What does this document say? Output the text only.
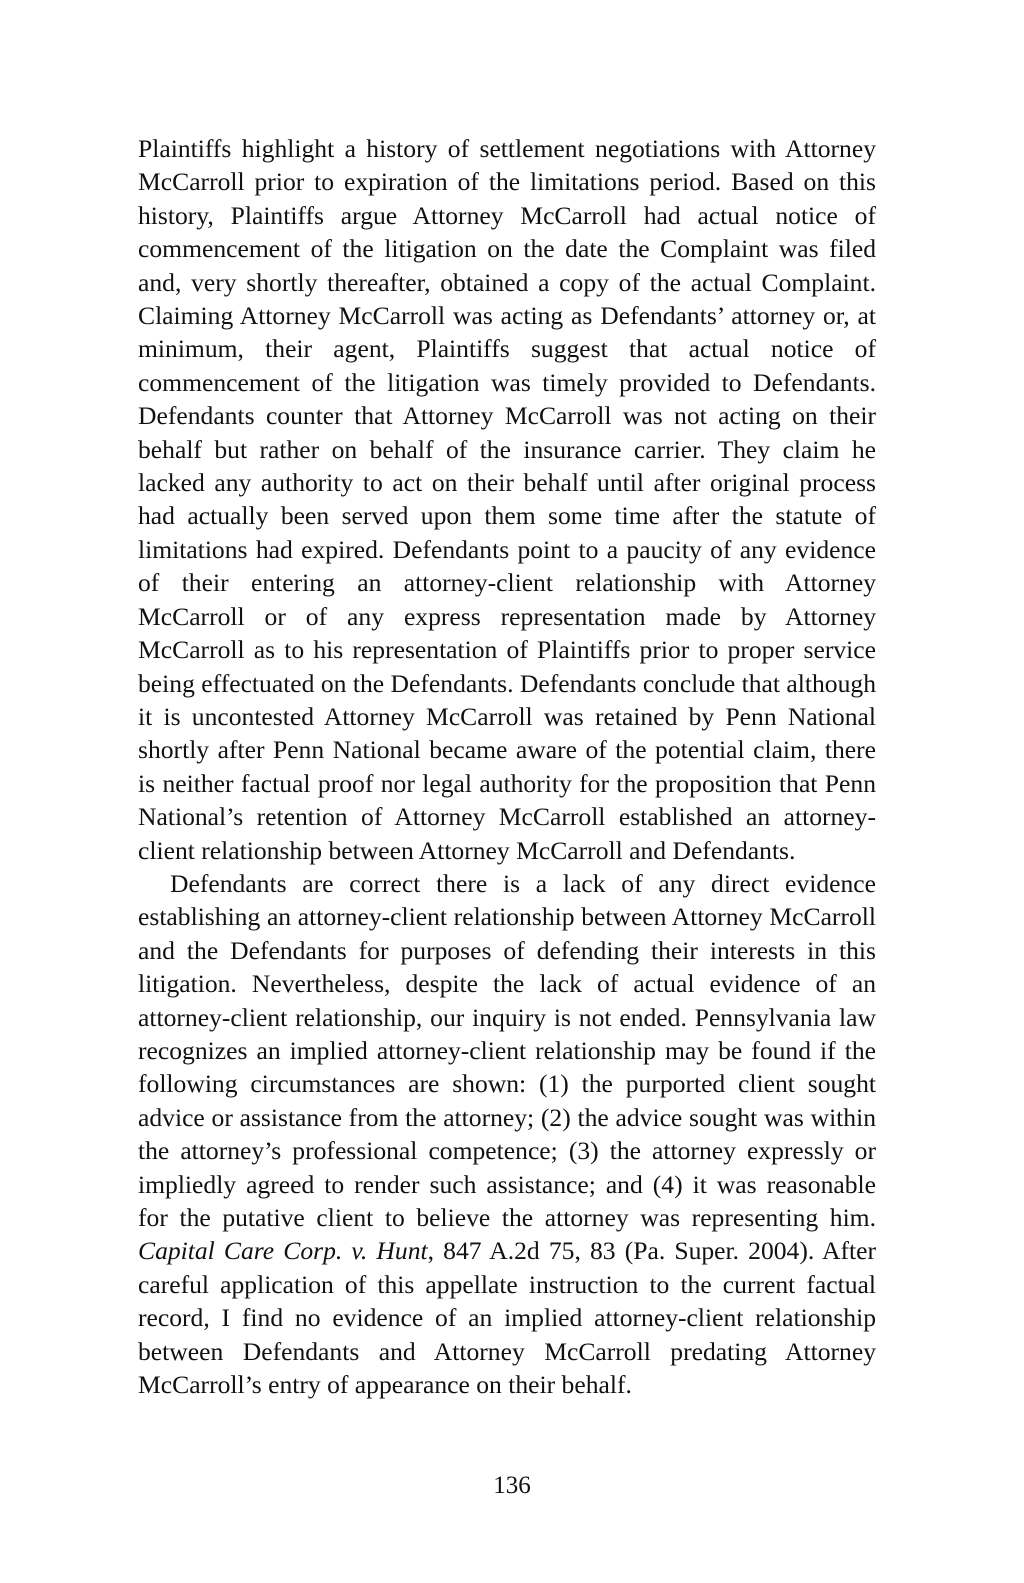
Plaintiffs highlight a history of settlement negotiations with Attorney McCarroll prior to expiration of the limitations period. Based on this history, Plaintiffs argue Attorney McCarroll had actual notice of commencement of the litigation on the date the Complaint was filed and, very shortly thereafter, obtained a copy of the actual Complaint. Claiming Attorney McCarroll was acting as Defendants’ attorney or, at minimum, their agent, Plaintiffs suggest that actual notice of commencement of the litigation was timely provided to Defendants. Defendants counter that Attorney McCarroll was not acting on their behalf but rather on behalf of the insurance carrier. They claim he lacked any authority to act on their behalf until after original process had actually been served upon them some time after the statute of limitations had expired. Defendants point to a paucity of any evidence of their entering an attorney-client relationship with Attorney McCarroll or of any express representation made by Attorney McCarroll as to his representation of Plaintiffs prior to proper service being effectuated on the Defendants. Defendants conclude that although it is uncontested Attorney McCarroll was retained by Penn National shortly after Penn National became aware of the potential claim, there is neither factual proof nor legal authority for the proposition that Penn National’s retention of Attorney McCarroll established an attorney-client relationship between Attorney McCarroll and Defendants.

Defendants are correct there is a lack of any direct evidence establishing an attorney-client relationship between Attorney McCarroll and the Defendants for purposes of defending their interests in this litigation. Nevertheless, despite the lack of actual evidence of an attorney-client relationship, our inquiry is not ended. Pennsylvania law recognizes an implied attorney-client relationship may be found if the following circumstances are shown: (1) the purported client sought advice or assistance from the attorney; (2) the advice sought was within the attorney’s professional competence; (3) the attorney expressly or impliedly agreed to render such assistance; and (4) it was reasonable for the putative client to believe the attorney was representing him. Capital Care Corp. v. Hunt, 847 A.2d 75, 83 (Pa. Super. 2004). After careful application of this appellate instruction to the current factual record, I find no evidence of an implied attorney-client relationship between Defendants and Attorney McCarroll predating Attorney McCarroll’s entry of appearance on their behalf.

136
